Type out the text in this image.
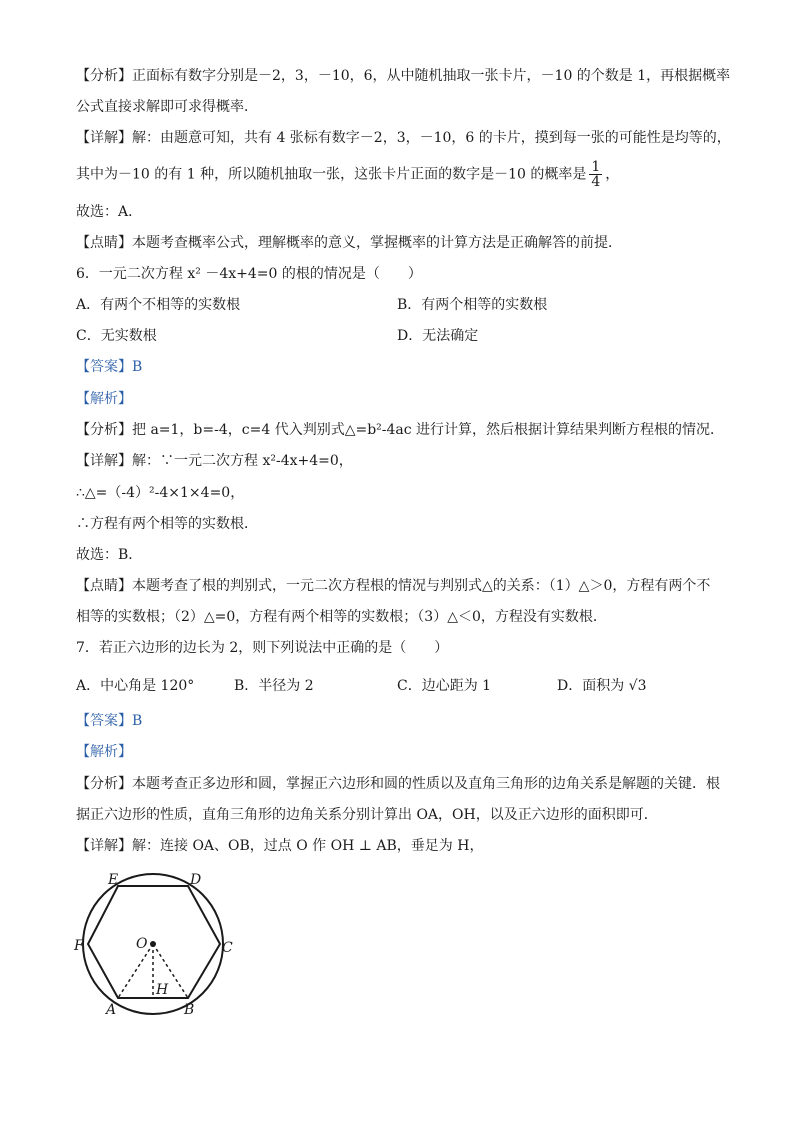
【分析】正面标有数字分别是－2，3，－10，6，从中随机抽取一张卡片，－10 的个数是 1，再根据概率
公式直接求解即可求得概率．
【详解】解：由题意可知，共有 4 张标有数字－2，3，－10，6 的卡片，摸到每一张的可能性是均等的，
其中为－10 的有 1 种，所以随机抽取一张，这张卡片正面的数字是－10 的概率是 $\frac{1}{4}$ ，
故选：A．
【点睛】本题考查概率公式，理解概率的意义，掌握概率的计算方法是正确解答的前提．
6．一元二次方程 x² －4x+4=0 的根的情况是（　　）
A．有两个不相等的实数根	B．有两个相等的实数根
C．无实数根	D．无法确定
【答案】B
【解析】
【分析】把 a=1，b=-4，c=4 代入判别式△=b²-4ac 进行计算，然后根据计算结果判断方程根的情况．
【详解】解：∵一元二次方程 x²-4x+4=0，
∴△=（-4）²-4×1×4=0，
∴方程有两个相等的实数根．
故选：B．
【点睛】本题考查了根的判别式，一元二次方程根的情况与判别式△的关系：（1）△＞0，方程有两个不
相等的实数根；（2）△=0，方程有两个相等的实数根；（3）△＜0，方程没有实数根．
7．若正六边形的边长为 2，则下列说法中正确的是（　　）
A．中心角是 120°	B．半径为 2	C．边心距为 1	D．面积为 √3
【答案】B
【解析】
【分析】本题考查正多边形和圆，掌握正六边形和圆的性质以及直角三角形的边角关系是解题的关键．根
据正六边形的性质，直角三角形的边角关系分别计算出 OA，OH，以及正六边形的面积即可．
【详解】解：连接 OA、OB，过点 O 作 OH ⊥ AB，垂足为 H，
E	D
F	C
O
H
A	B
